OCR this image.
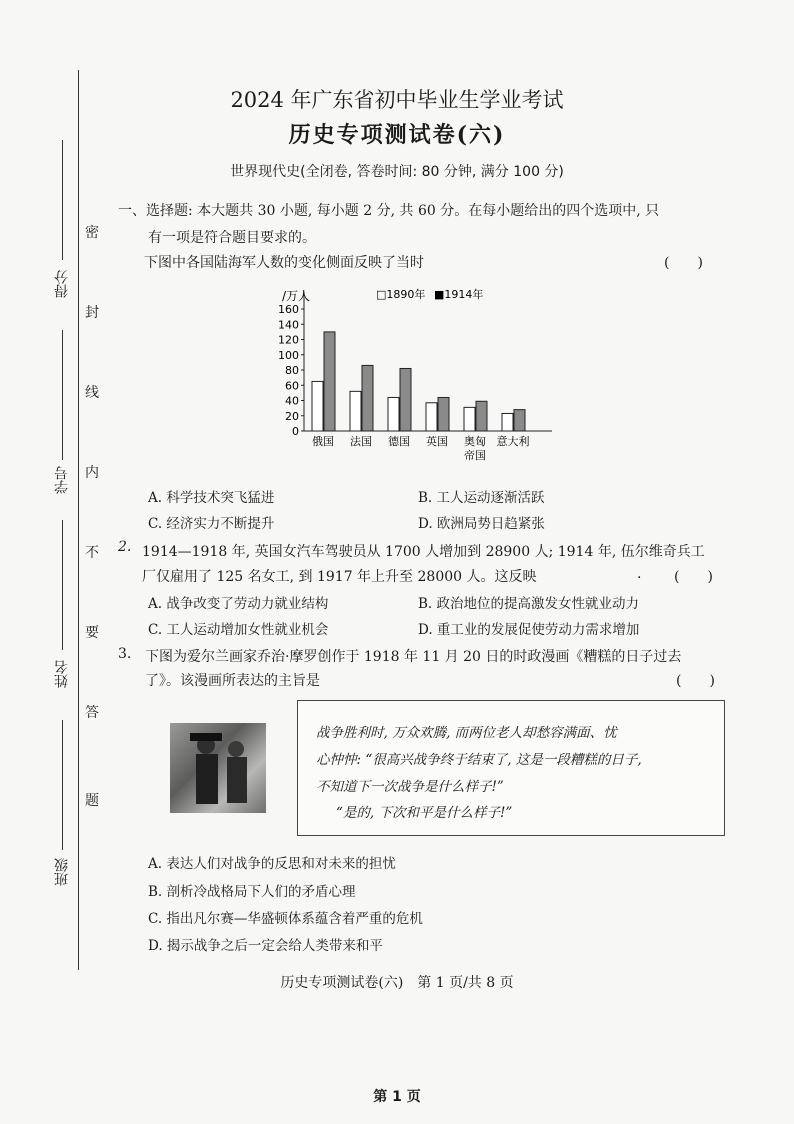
密
封
线
内
不
要
答
题
得分
学号
姓名
班级
2024 年广东省初中毕业生学业考试
历史专项测试卷(六)
世界现代史(全闭卷, 答卷时间: 80 分钟, 满分 100 分)
一、选择题: 本大题共 30 小题, 每小题 2 分, 共 60 分。在每小题给出的四个选项中, 只
有一项是符合题目要求的。
下图中各国陆海军人数的变化侧面反映了当时	(　　)
/万人	□1890年 ■1914年
0
20
40
60
80
100
120
140
160
俄国 法国 德国 英国 奥匈
帝国
意大利
A. 科学技术突飞猛进	B. 工人运动逐渐活跃
C. 经济实力不断提升	D. 欧洲局势日趋紧张
2. 1914—1918 年, 英国女汽车驾驶员从 1700 人增加到 28900 人; 1914 年, 伍尔维奇兵工
厂仅雇用了 125 名女工, 到 1917 年上升至 28000 人。这反映	. (　　)
A. 战争改变了劳动力就业结构	B. 政治地位的提高激发女性就业动力
C. 工人运动增加女性就业机会	D. 重工业的发展促使劳动力需求增加
3. 下图为爱尔兰画家乔治·摩罗创作于 1918 年 11 月 20 日的时政漫画《糟糕的日子过去
了》。该漫画所表达的主旨是	(　　)
战争胜利时, 万众欢腾, 而两位老人却愁容满面、忧
心忡忡: “很高兴战争终于结束了, 这是一段糟糕的日子,
不知道下一次战争是什么样子!”
“是的, 下次和平是什么样子!”
A. 表达人们对战争的反思和对未来的担忧
B. 剖析冷战格局下人们的矛盾心理
C. 指出凡尔赛—华盛顿体系蕴含着严重的危机
D. 揭示战争之后一定会给人类带来和平
历史专项测试卷(六)　第 1 页/共 8 页
第 1 页
